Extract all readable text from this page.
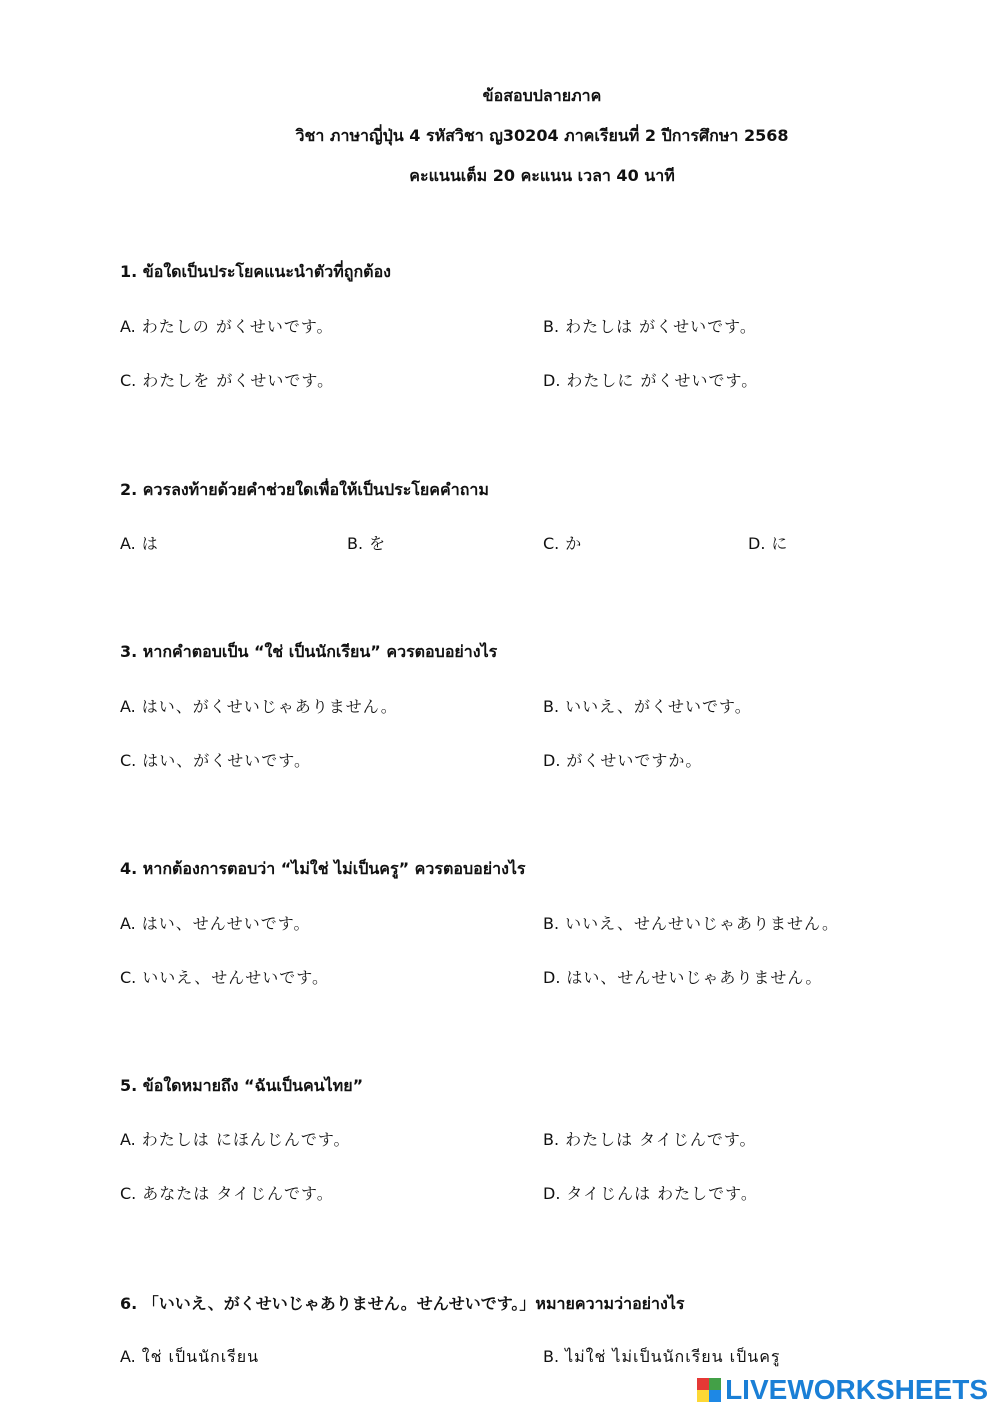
ข้อสอบปลายภาค
วิชา ภาษาญี่ปุ่น 4 รหัสวิชา ญ30204 ภาคเรียนที่ 2 ปีการศึกษา 2568
คะแนนเต็ม 20 คะแนน เวลา 40 นาที
1. ข้อใดเป็นประโยคแนะนำตัวที่ถูกต้อง
A. わたしの がくせいです。	B. わたしは がくせいです。
C. わたしを がくせいです。	D. わたしに がくせいです。
2. ควรลงท้ายด้วยคำช่วยใดเพื่อให้เป็นประโยคคำถาม
A. は	B. を	C. か	D. に
3. หากคำตอบเป็น “ใช่ เป็นนักเรียน” ควรตอบอย่างไร
A. はい、がくせいじゃありません。	B. いいえ、がくせいです。
C. はい、がくせいです。	D. がくせいですか。
4. หากต้องการตอบว่า “ไม่ใช่ ไม่เป็นครู” ควรตอบอย่างไร
A. はい、せんせいです。	B. いいえ、せんせいじゃありません。
C. いいえ、せんせいです。	D. はい、せんせいじゃありません。
5. ข้อใดหมายถึง “ฉันเป็นคนไทย”
A. わたしは にほんじんです。	B. わたしは タイじんです。
C. あなたは タイじんです。	D. タイじんは わたしです。
6. 「いいえ、がくせいじゃありません。せんせいです。」หมายความว่าอย่างไร
A. ใช่ เป็นนักเรียน	B. ไม่ใช่ ไม่เป็นนักเรียน เป็นครู
LIVEWORKSHEETS
